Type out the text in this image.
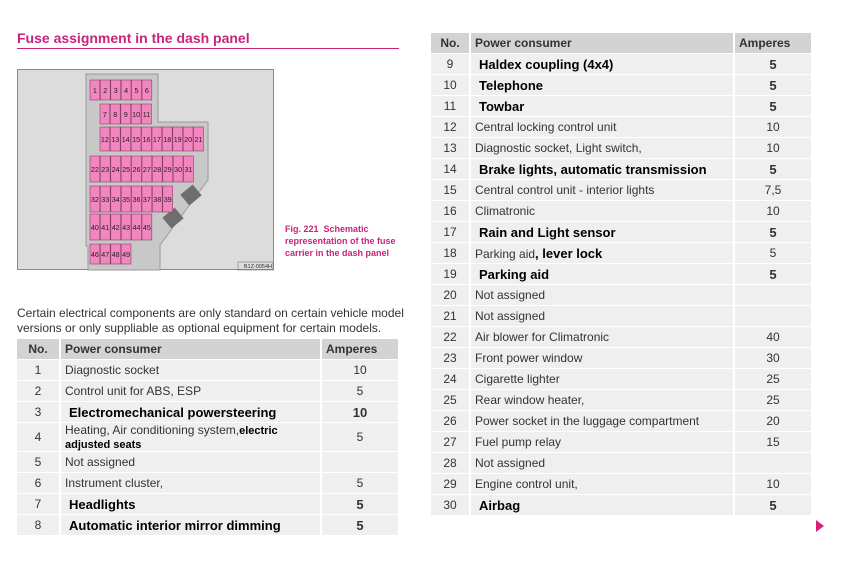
Fuse assignment in the dash panel
1 2 3 4 5 6
7 8 9 10 11
12 13 14 15 16 17 18 19 20 21
22 23 24 25 26 27 28 29 30 31
32 33 34 35 36 37 38 39
40 41 42 43 44 45
46 47 48 49
B1Z-0054H
Fig. 221 Schematic representation of the fuse carrier in the dash panel

Certain electrical components are only standard on certain vehicle model versions or only suppliable as optional equipment for certain models.

No.	Power consumer	Amperes
1	Diagnostic socket	10
2	Control unit for ABS, ESP	5
3	Electromechanical powersteering	10
4	Heating, Air conditioning system,electric adjusted seats	5
5	Not assigned	
6	Instrument cluster,	5
7	Headlights	5
8	Automatic interior mirror dimming	5
No.	Power consumer	Amperes
9	Haldex coupling (4x4)	5
10	Telephone	5
11	Towbar	5
12	Central locking control unit	10
13	Diagnostic socket, Light switch,	10
14	Brake lights, automatic transmission	5
15	Central control unit - interior lights	7,5
16	Climatronic	10
17	Rain and Light sensor	5
18	Parking aid, lever lock	5
19	Parking aid	5
20	Not assigned	
21	Not assigned	
22	Air blower for Climatronic	40
23	Front power window	30
24	Cigarette lighter	25
25	Rear window heater,	25
26	Power socket in the luggage compartment	20
27	Fuel pump relay	15
28	Not assigned	
29	Engine control unit,	10
30	Airbag	5
